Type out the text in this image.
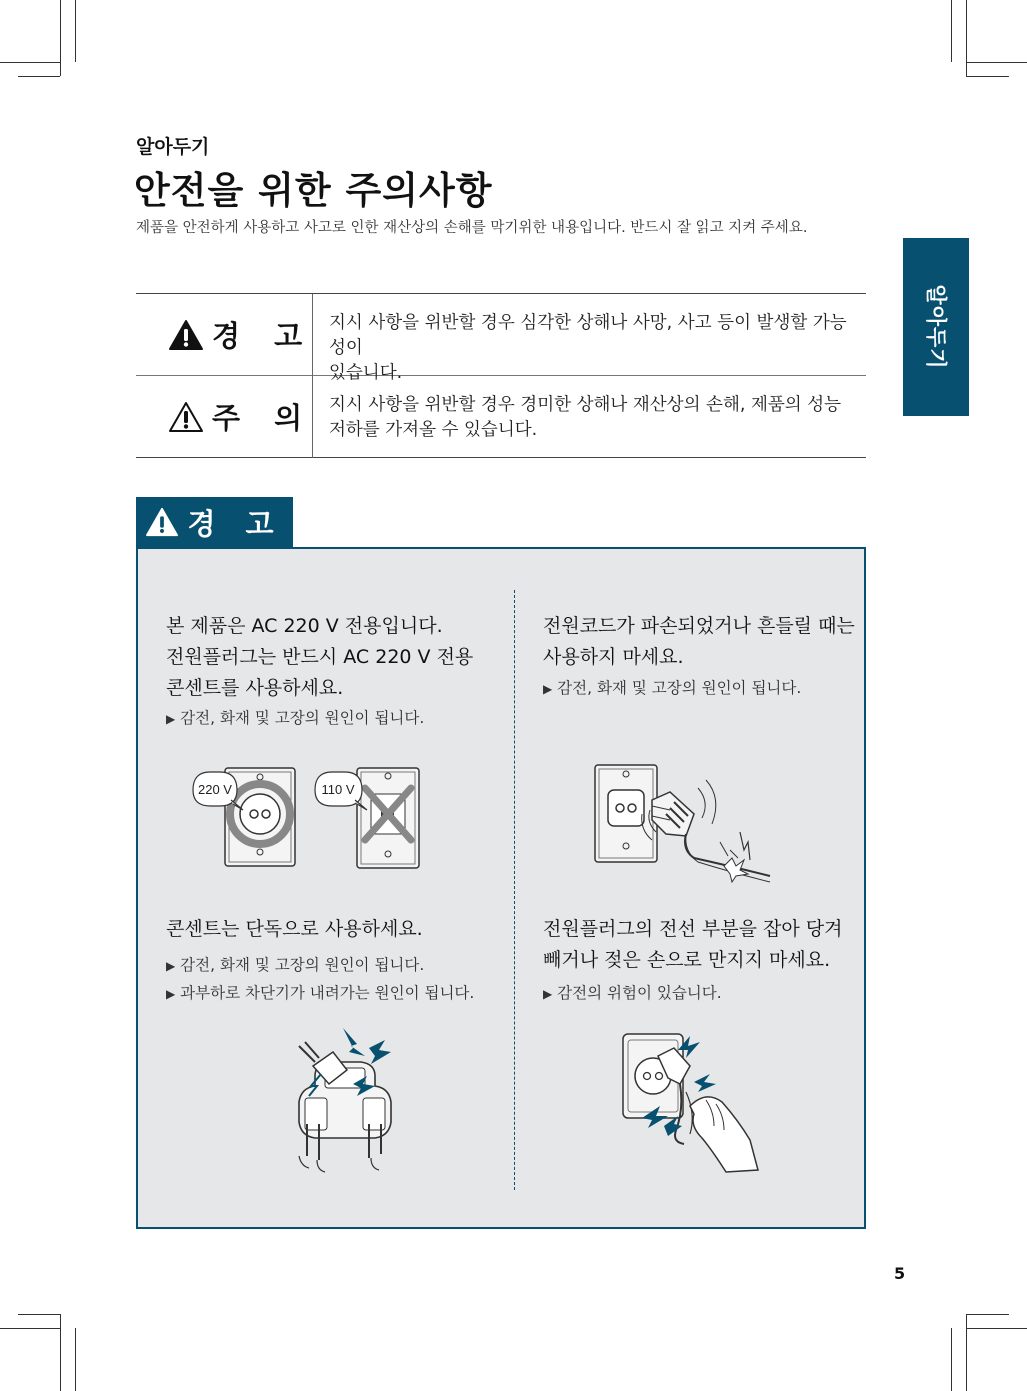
알아두기
안전을 위한 주의사항
제품을 안전하게 사용하고 사고로 인한 재산상의 손해를 막기위한 내용입니다. 반드시 잘 읽고 지켜 주세요.
알아두기
경 고 지시 사항을 위반할 경우 심각한 상해나 사망, 사고 등이 발생할 가능성이
있습니다.
주 의 지시 사항을 위반할 경우 경미한 상해나 재산상의 손해, 제품의 성능
저하를 가져올 수 있습니다.
경 고
본 제품은 AC 220 V 전용입니다.
전원플러그는 반드시 AC 220 V 전용
콘센트를 사용하세요.
▶ 감전, 화재 및 고장의 원인이 됩니다.
220 V	110 V
전원코드가 파손되었거나 흔들릴 때는
사용하지 마세요.
▶ 감전, 화재 및 고장의 원인이 됩니다.
콘센트는 단독으로 사용하세요.
▶ 감전, 화재 및 고장의 원인이 됩니다.
▶ 과부하로 차단기가 내려가는 원인이 됩니다.
전원플러그의 전선 부분을 잡아 당겨
빼거나 젖은 손으로 만지지 마세요.
▶ 감전의 위험이 있습니다.
5
